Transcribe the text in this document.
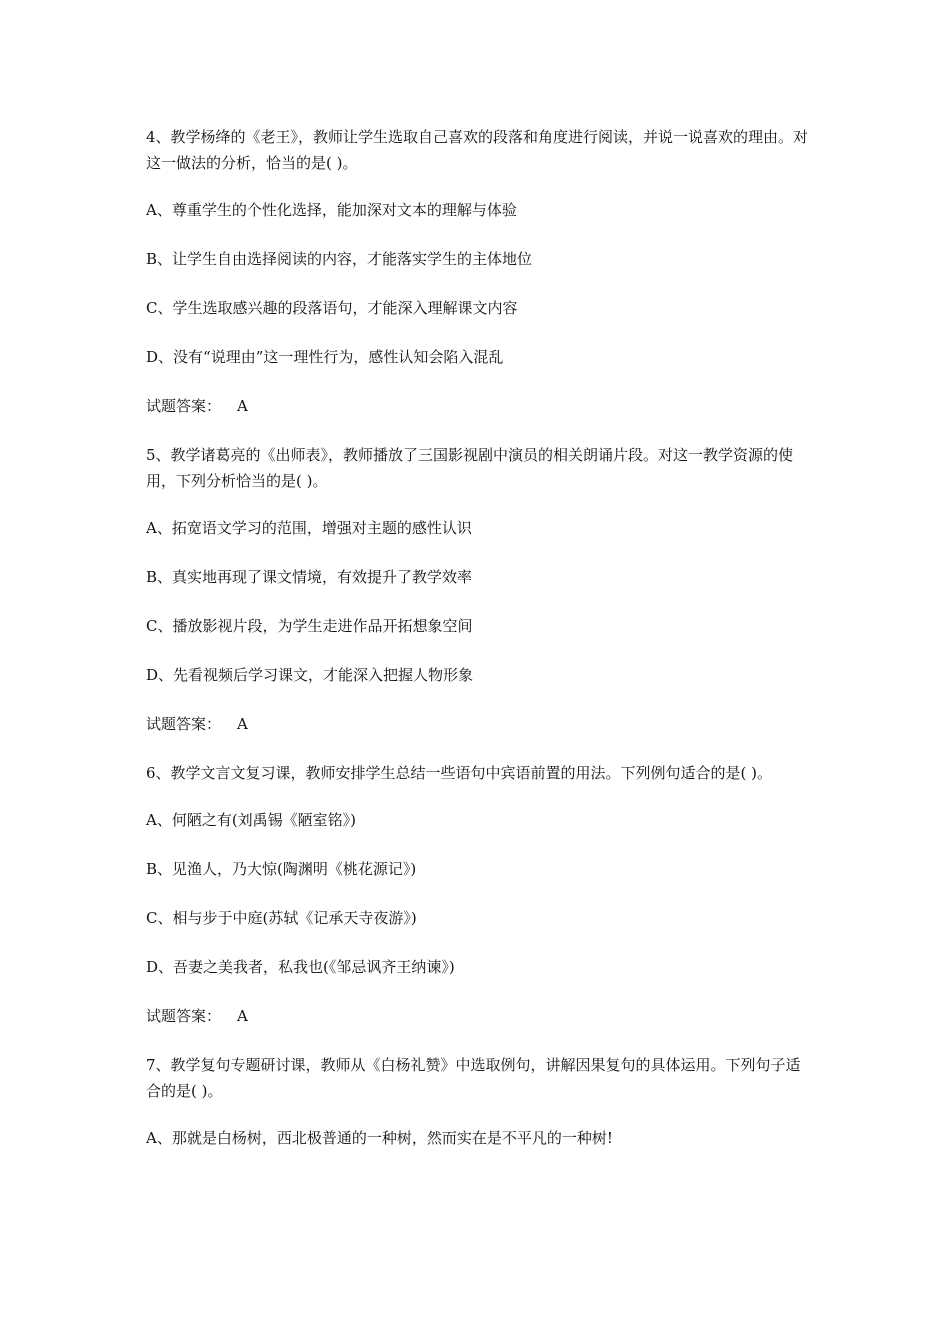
4、教学杨绛的《老王》，教师让学生选取自己喜欢的段落和角度进行阅读，并说一说喜欢的理由。对这一做法的分析，恰当的是( )。

A、尊重学生的个性化选择，能加深对文本的理解与体验

B、让学生自由选择阅读的内容，才能落实学生的主体地位

C、学生选取感兴趣的段落语句，才能深入理解课文内容

D、没有“说理由”这一理性行为，感性认知会陷入混乱

试题答案： A

5、教学诸葛亮的《出师表》，教师播放了三国影视剧中演员的相关朗诵片段。对这一教学资源的使用，下列分析恰当的是( )。

A、拓宽语文学习的范围，增强对主题的感性认识

B、真实地再现了课文情境，有效提升了教学效率

C、播放影视片段，为学生走进作品开拓想象空间

D、先看视频后学习课文，才能深入把握人物形象

试题答案： A

6、教学文言文复习课，教师安排学生总结一些语句中宾语前置的用法。下列例句适合的是( )。

A、何陋之有(刘禹锡《陋室铭》)

B、见渔人，乃大惊(陶渊明《桃花源记》)

C、相与步于中庭(苏轼《记承天寺夜游》)

D、吾妻之美我者，私我也(《邹忌讽齐王纳谏》)

试题答案： A

7、教学复句专题研讨课，教师从《白杨礼赞》中选取例句，讲解因果复句的具体运用。下列句子适合的是( )。

A、那就是白杨树，西北极普通的一种树，然而实在是不平凡的一种树!
